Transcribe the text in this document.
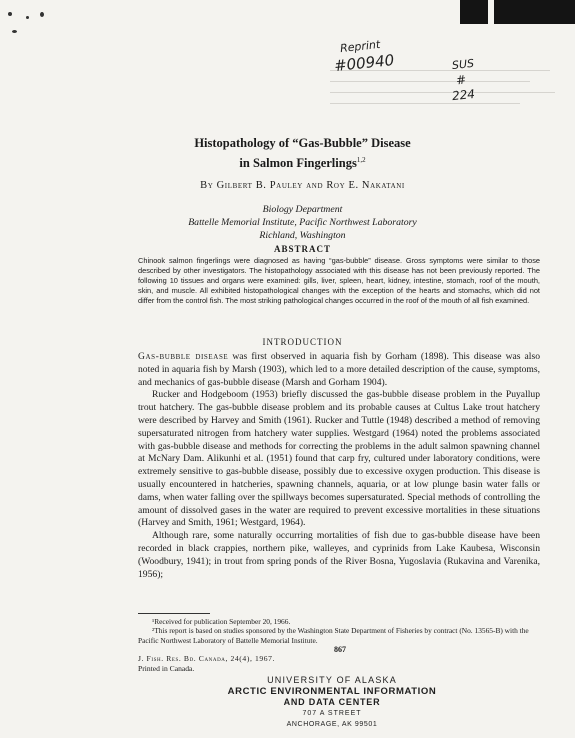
Reprint
#00940	SUS
#
224
Histopathology of “Gas-Bubble” Disease
in Salmon Fingerlings$^{1,2}$
By Gilbert B. Pauley and Roy E. Nakatani
Biology Department
Battelle Memorial Institute, Pacific Northwest Laboratory
Richland, Washington
ABSTRACT
Chinook salmon fingerlings were diagnosed as having “gas-bubble” disease. Gross symptoms were similar to those described by other investigators. The histopathology associated with this disease has not been previously reported. The following 10 tissues and organs were examined: gills, liver, spleen, heart, kidney, intestine, stomach, roof of the mouth, skin, and muscle. All exhibited histopathological changes with the exception of the hearts and stomachs, which did not differ from the control fish. The most striking pathological changes occurred in the roof of the mouth of all fish examined.
INTRODUCTION

Gas-bubble disease was first observed in aquaria fish by Gorham (1898). This disease was also noted in aquaria fish by Marsh (1903), which led to a more detailed description of the cause, symptoms, and mechanics of gas-bubble disease (Marsh and Gorham 1904).

Rucker and Hodgeboom (1953) briefly discussed the gas-bubble disease problem in the Puyallup trout hatchery. The gas-bubble disease problem and its probable causes at Cultus Lake trout hatchery were described by Harvey and Smith (1961). Rucker and Tuttle (1948) described a method of removing supersaturated nitrogen from hatchery water supplies. Westgard (1964) noted the problems associated with gas-bubble disease and methods for correcting the problems in the adult salmon spawning channel at McNary Dam. Alikunhi et al. (1951) found that carp fry, cultured under laboratory conditions, were extremely sensitive to gas-bubble disease, possibly due to excessive oxygen production. This disease is usually encountered in hatcheries, spawning channels, aquaria, or at low plunge basin water falls or dams, when water falling over the spillways becomes supersaturated. Special methods of controlling the amount of dissolved gases in the water are required to prevent excessive mortalities in these situations (Harvey and Smith, 1961; Westgard, 1964).

Although rare, some naturally occurring mortalities of fish due to gas-bubble disease have been recorded in black crappies, northern pike, walleyes, and cyprinids from Lake Kaubesa, Wisconsin (Woodbury, 1941); in trout from spring ponds of the River Bosna, Yugoslavia (Rukavina and Varenika, 1956);

¹Received for publication September 20, 1966.
²This report is based on studies sponsored by the Washington State Department of Fisheries by contract (No. 13565-B) with the Pacific Northwest Laboratory of Battelle Memorial Institute.
867
J. Fish. Res. Bd. Canada, 24(4), 1967.
Printed in Canada.
UNIVERSITY OF ALASKA
ARCTIC ENVIRONMENTAL INFORMATION
AND DATA CENTER
707 A STREET
ANCHORAGE, AK 99501
